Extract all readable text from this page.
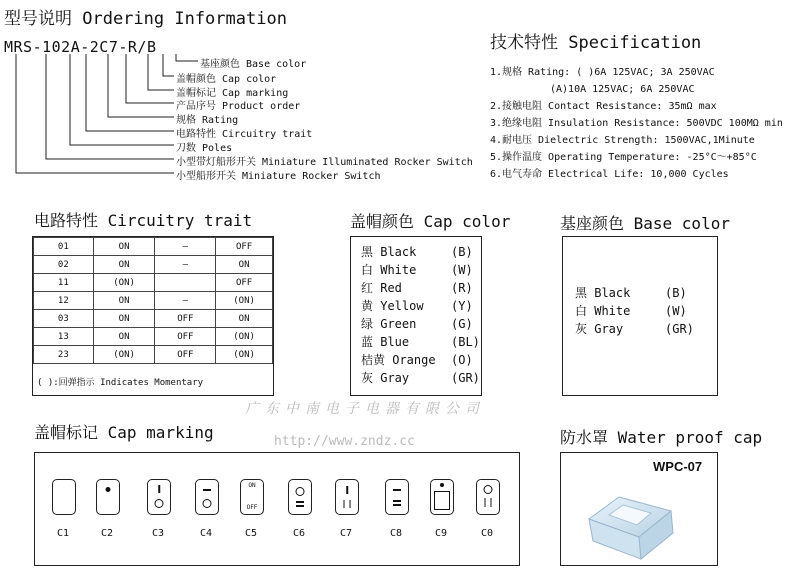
型号说明 Ordering Information
MRS-102A-2C7-R/B
基座颜色 Base color
盖帽颜色 Cap color
盖帽标记 Cap marking
产品序号 Product order
规格 Rating
电路特性 Circuitry trait
刀数 Poles
小型带灯船形开关 Miniature Illuminated Rocker Switch
小型船形开关 Miniature Rocker Switch
技术特性 Specification
1.规格 Rating: ( )6A 125VAC; 3A 250VAC
(A)10A 125VAC; 6A 250VAC
2.接触电阻 Contact Resistance: 35mΩ max
3.绝缘电阻 Insulation Resistance: 500VDC 100MΩ min
4.耐电压 Dielectric Strength: 1500VAC,1Minute
5.操作温度 Operating Temperature: -25°C～+85°C
6.电气寿命 Electrical Life: 10,000 Cycles
电路特性 Circuitry trait
01	ON	—	OFF
02	ON	—	ON
11	(ON)		OFF
12	ON	—	(ON)
03	ON	OFF	ON
13	ON	OFF	(ON)
23	(ON)	OFF	(ON)
( ):回弹指示 Indicates Momentary
盖帽颜色 Cap color
黑 Black	(B)
白 White	(W)
红 Red	(R)
黄 Yellow	(Y)
绿 Green	(G)
蓝 Blue	(BL)
桔黄 Orange	(O)
灰 Gray	(GR)
基座颜色 Base color
黑 Black	(B)
白 White	(W)
灰 Gray	(GR)
广东中南电子电器有限公司
http://www.zndz.cc
盖帽标记 Cap marking
ON
OFF
C1	C2	C3	C4	C5	C6	C7	C8	C9	C0
防水罩 Water proof cap
WPC-07
